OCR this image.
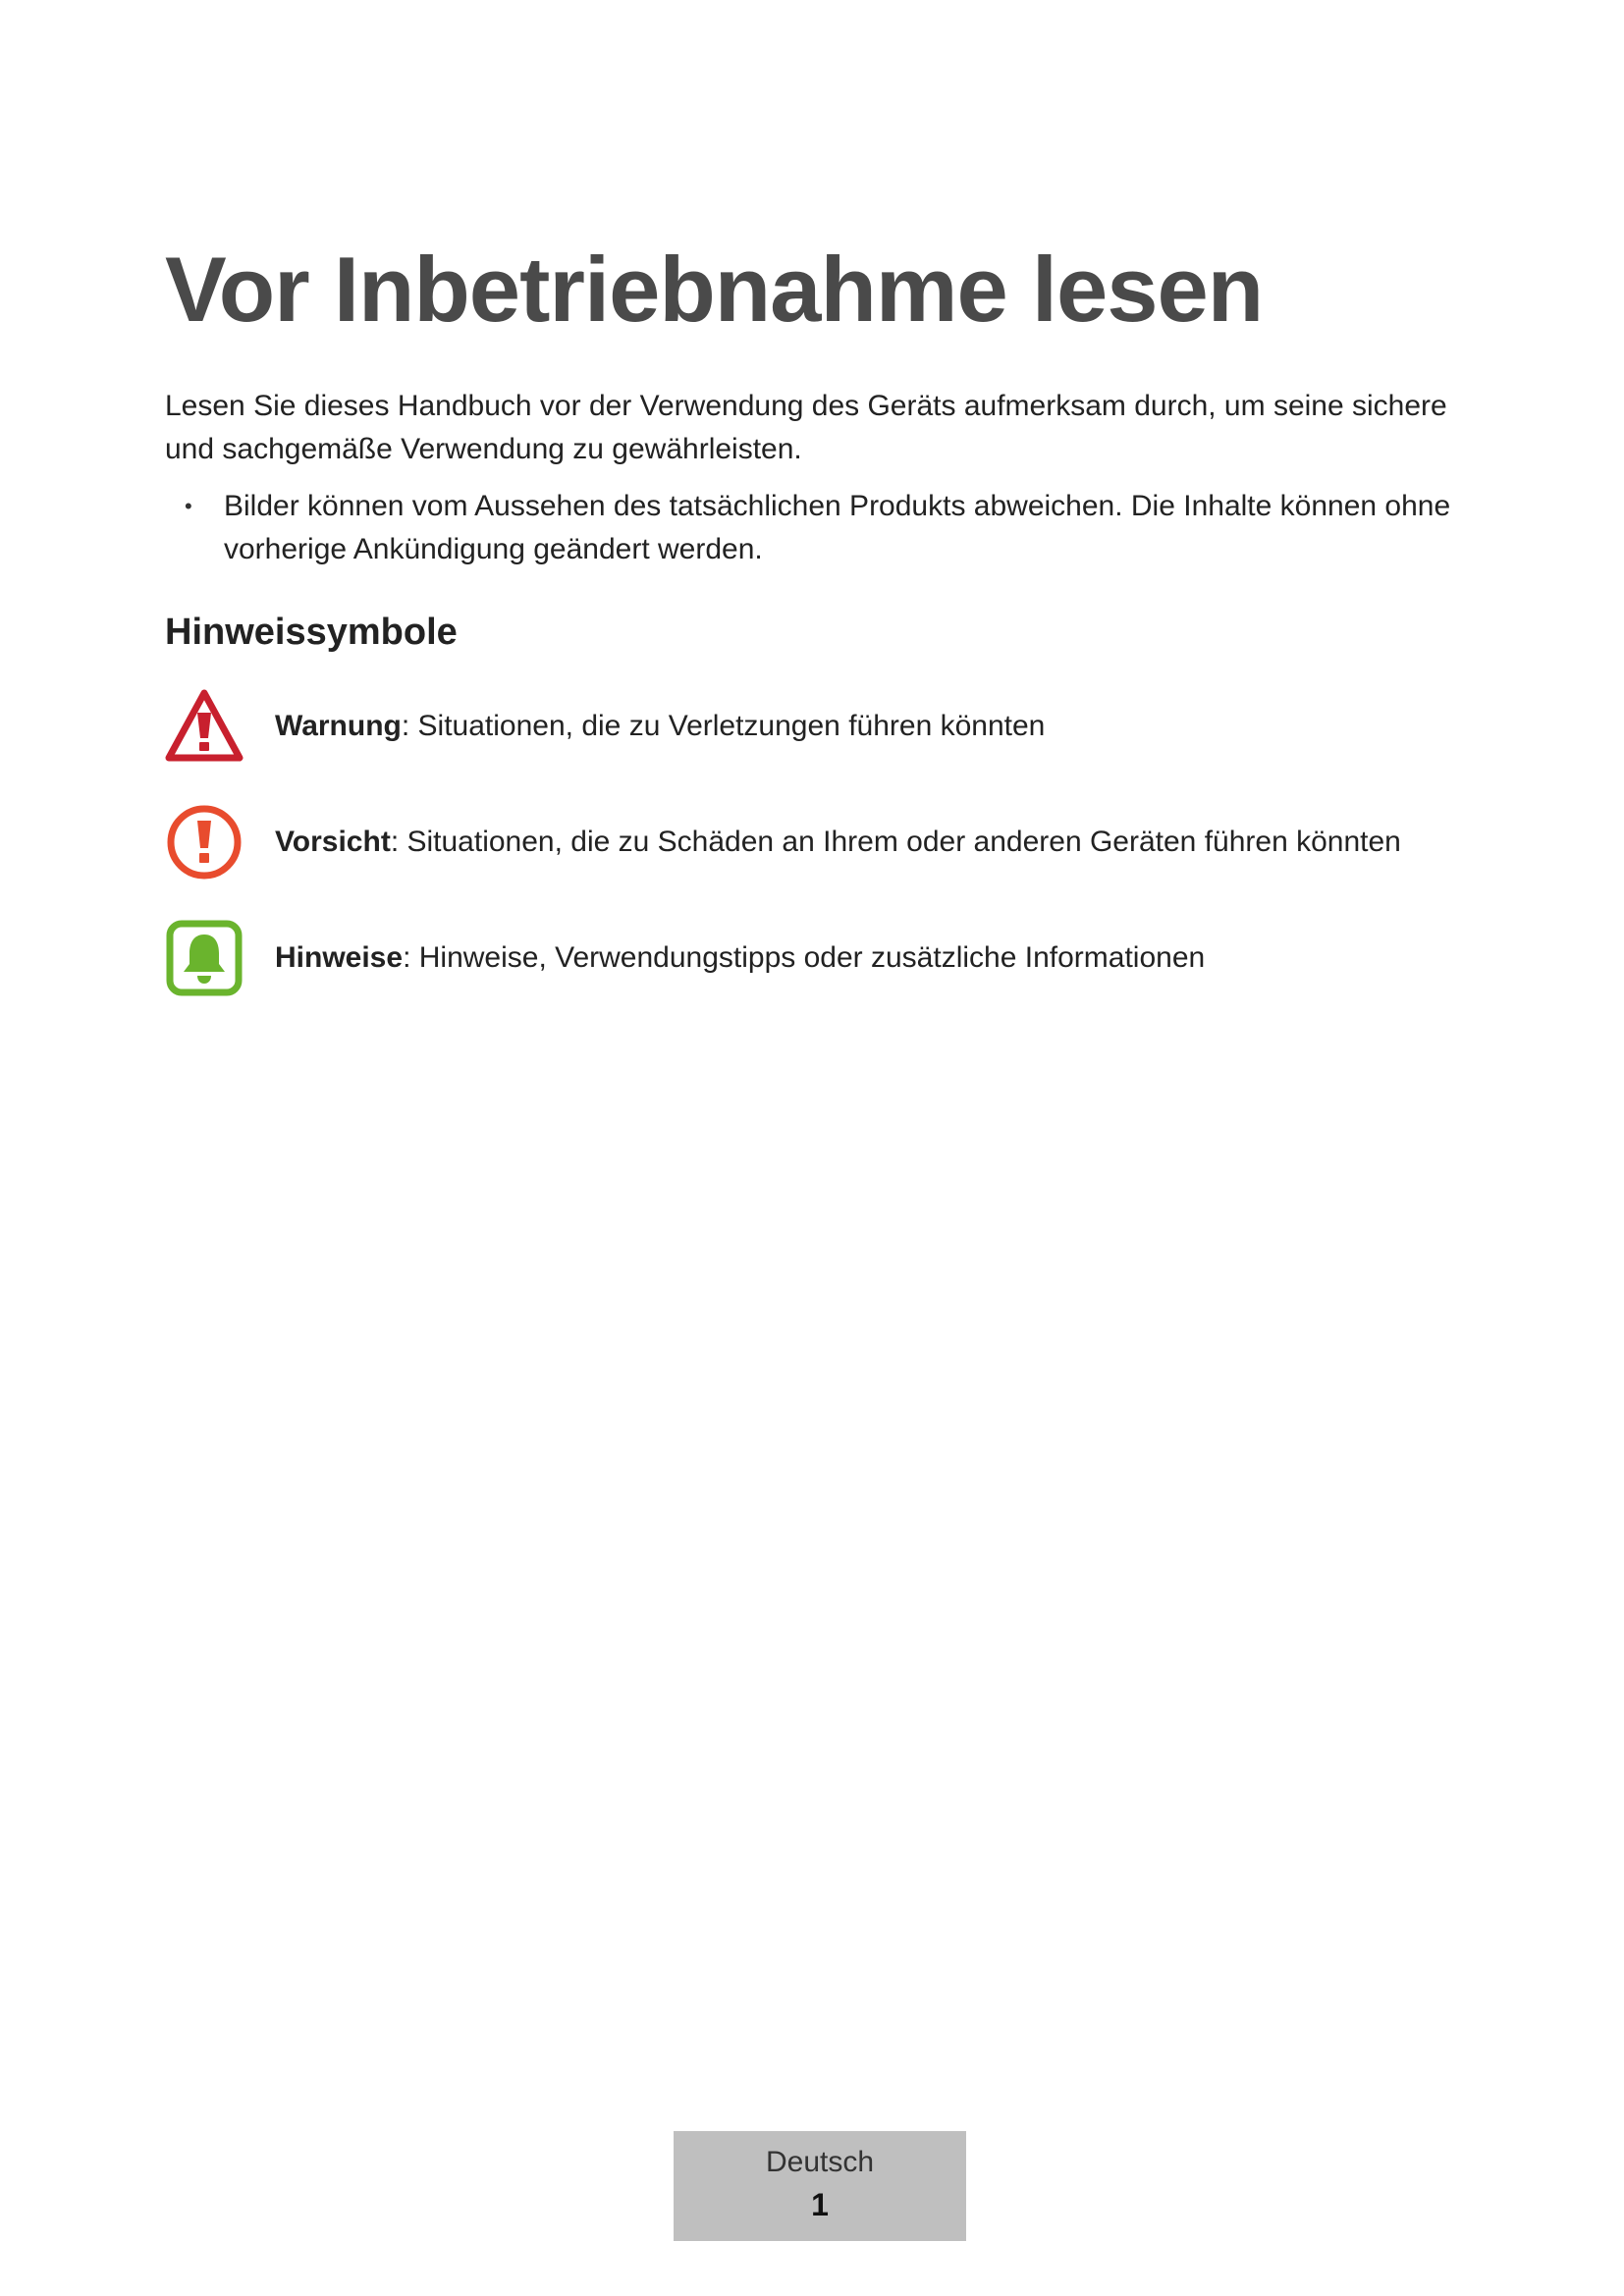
Vor Inbetriebnahme lesen

Lesen Sie dieses Handbuch vor der Verwendung des Geräts aufmerksam durch, um seine sichere und sachgemäße Verwendung zu gewährleisten.

•	Bilder können vom Aussehen des tatsächlichen Produkts abweichen. Die Inhalte können ohne vorherige Ankündigung geändert werden.
Hinweissymbole
Warnung: Situationen, die zu Verletzungen führen könnten
Vorsicht: Situationen, die zu Schäden an Ihrem oder anderen Geräten führen könnten
Hinweise: Hinweise, Verwendungstipps oder zusätzliche Informationen
Deutsch
1
